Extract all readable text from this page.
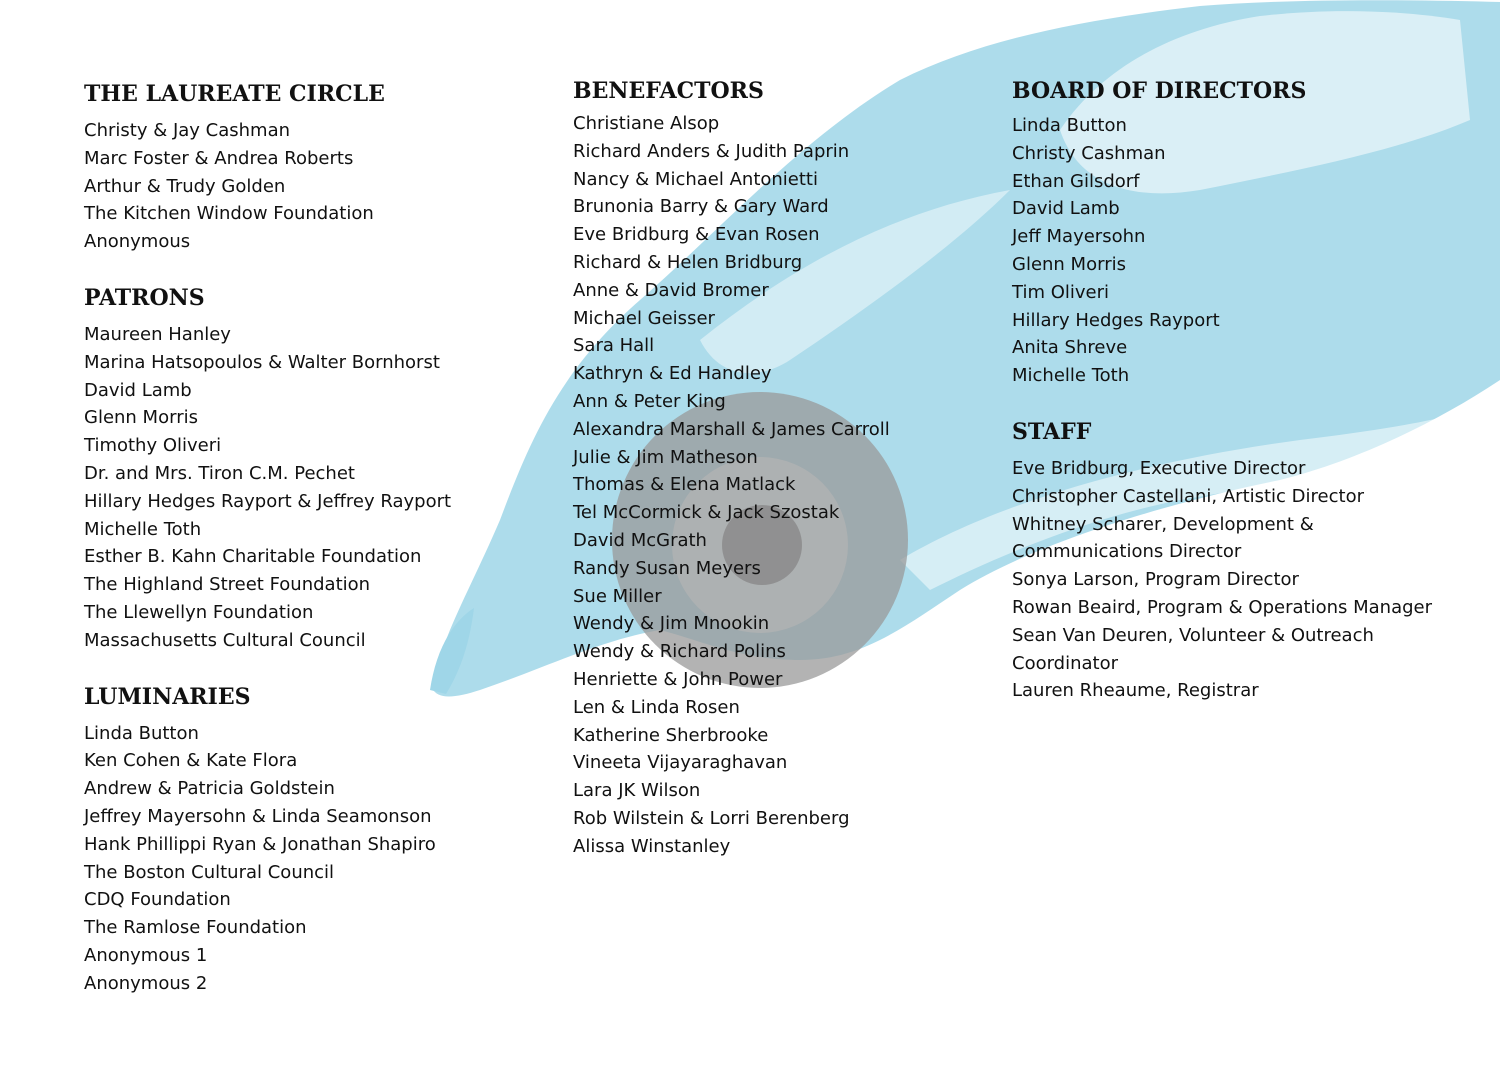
THE LAUREATE CIRCLE
Christy & Jay Cashman
Marc Foster & Andrea Roberts
Arthur & Trudy Golden
The Kitchen Window Foundation
Anonymous
PATRONS
Maureen Hanley
Marina Hatsopoulos & Walter Bornhorst
David Lamb
Glenn Morris
Timothy Oliveri
Dr. and Mrs. Tiron C.M. Pechet
Hillary Hedges Rayport & Jeffrey Rayport
Michelle Toth
Esther B. Kahn Charitable Foundation
The Highland Street Foundation
The Llewellyn Foundation
Massachusetts Cultural Council
LUMINARIES
Linda Button
Ken Cohen & Kate Flora
Andrew & Patricia Goldstein
Jeffrey Mayersohn & Linda Seamonson
Hank Phillippi Ryan & Jonathan Shapiro
The Boston Cultural Council
CDQ Foundation
The Ramlose Foundation
Anonymous 1
Anonymous 2
BENEFACTORS
Christiane Alsop
Richard Anders & Judith Paprin
Nancy & Michael Antonietti
Brunonia Barry & Gary Ward
Eve Bridburg & Evan Rosen
Richard & Helen Bridburg
Anne & David Bromer
Michael Geisser
Sara Hall
Kathryn & Ed Handley
Ann & Peter King
Alexandra Marshall & James Carroll
Julie & Jim Matheson
Thomas & Elena Matlack
Tel McCormick & Jack Szostak
David McGrath
Randy Susan Meyers
Sue Miller
Wendy & Jim Mnookin
Wendy & Richard Polins
Henriette & John Power
Len & Linda Rosen
Katherine Sherbrooke
Vineeta Vijayaraghavan
Lara JK Wilson
Rob Wilstein & Lorri Berenberg
Alissa Winstanley
BOARD OF DIRECTORS
Linda Button
Christy Cashman
Ethan Gilsdorf
David Lamb
Jeff Mayersohn
Glenn Morris
Tim Oliveri
Hillary Hedges Rayport
Anita Shreve
Michelle Toth
STAFF
Eve Bridburg, Executive Director
Christopher Castellani, Artistic Director
Whitney Scharer, Development &
Communications Director
Sonya Larson, Program Director
Rowan Beaird, Program & Operations Manager
Sean Van Deuren, Volunteer & Outreach
Coordinator
Lauren Rheaume, Registrar
